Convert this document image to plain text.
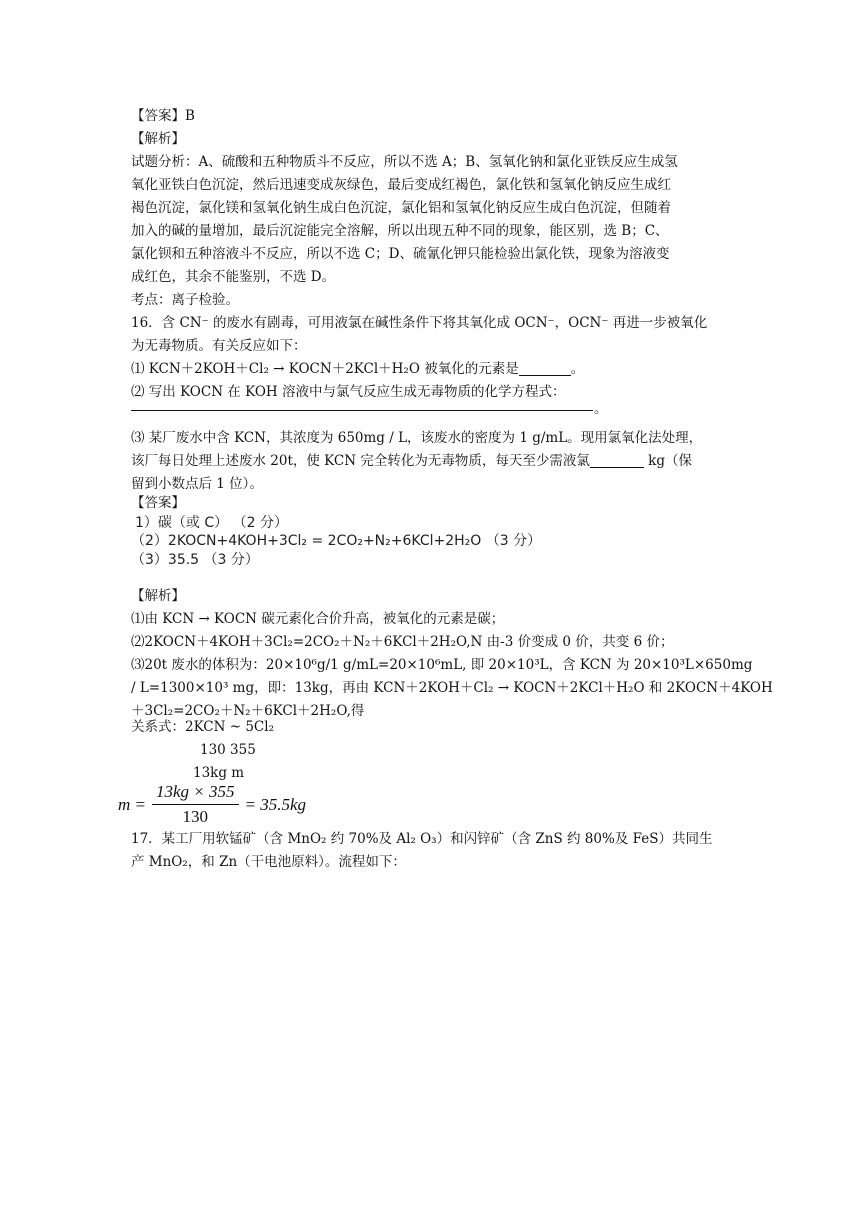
【答案】B
【解析】
试题分析：A、硫酸和五种物质斗不反应，所以不选 A；B、氢氧化钠和氯化亚铁反应生成氢
氧化亚铁白色沉淀，然后迅速变成灰绿色，最后变成红褐色，氯化铁和氢氧化钠反应生成红
褐色沉淀，氯化镁和氢氧化钠生成白色沉淀，氯化铝和氢氧化钠反应生成白色沉淀，但随着
加入的碱的量增加，最后沉淀能完全溶解，所以出现五种不同的现象，能区别，选 B；C、
氯化钡和五种溶液斗不反应，所以不选 C；D、硫氰化钾只能检验出氯化铁，现象为溶液变
成红色，其余不能鉴别，不选 D。
考点：离子检验。
16．含 CN⁻ 的废水有剧毒，可用液氯在碱性条件下将其氧化成 OCN⁻，OCN⁻ 再进一步被氧化
为无毒物质。有关反应如下：
⑴ KCN＋2KOH＋Cl₂ → KOCN＋2KCl＋H₂O 被氧化的元素是	。
⑵ 写出 KOCN 在 KOH 溶液中与氯气反应生成无毒物质的化学方程式：
。
⑶ 某厂废水中含 KCN，其浓度为 650mg / L，该废水的密度为 1 g/mL。现用氯氧化法处理，
该厂每日处理上述废水 20t，使 KCN 完全转化为无毒物质，每天至少需液氯	kg（保
留到小数点后 1 位）。
【答案】
1）碳（或 C） （2 分）
（2）2KOCN+4KOH+3Cl₂ = 2CO₂+N₂+6KCl+2H₂O （3 分）
（3）35.5 （3 分）
【解析】
⑴由 KCN → KOCN 碳元素化合价升高，被氧化的元素是碳；
⑵2KOCN＋4KOH＋3Cl₂=2CO₂＋N₂＋6KCl＋2H₂O,N 由-3 价变成 0 价，共变 6 价；
⑶20t 废水的体积为：20×10⁶g/1 g/mL=20×10⁶mL, 即 20×10³L，含 KCN 为 20×10³L×650mg
/ L=1300×10³ mg，即：13kg，再由 KCN＋2KOH＋Cl₂ → KOCN＋2KCl＋H₂O 和 2KOCN＋4KOH
＋3Cl₂=2CO₂＋N₂＋6KCl＋2H₂O,得
关系式：2KCN ~ 5Cl₂
130 355
13kg m
$m = \frac{13kg \times 355}{130} = 35.5kg$
17．某工厂用软锰矿（含 MnO₂ 约 70%及 Al₂ O₃）和闪锌矿（含 ZnS 约 80%及 FeS）共同生
产 MnO₂，和 Zn（干电池原料）。流程如下：
